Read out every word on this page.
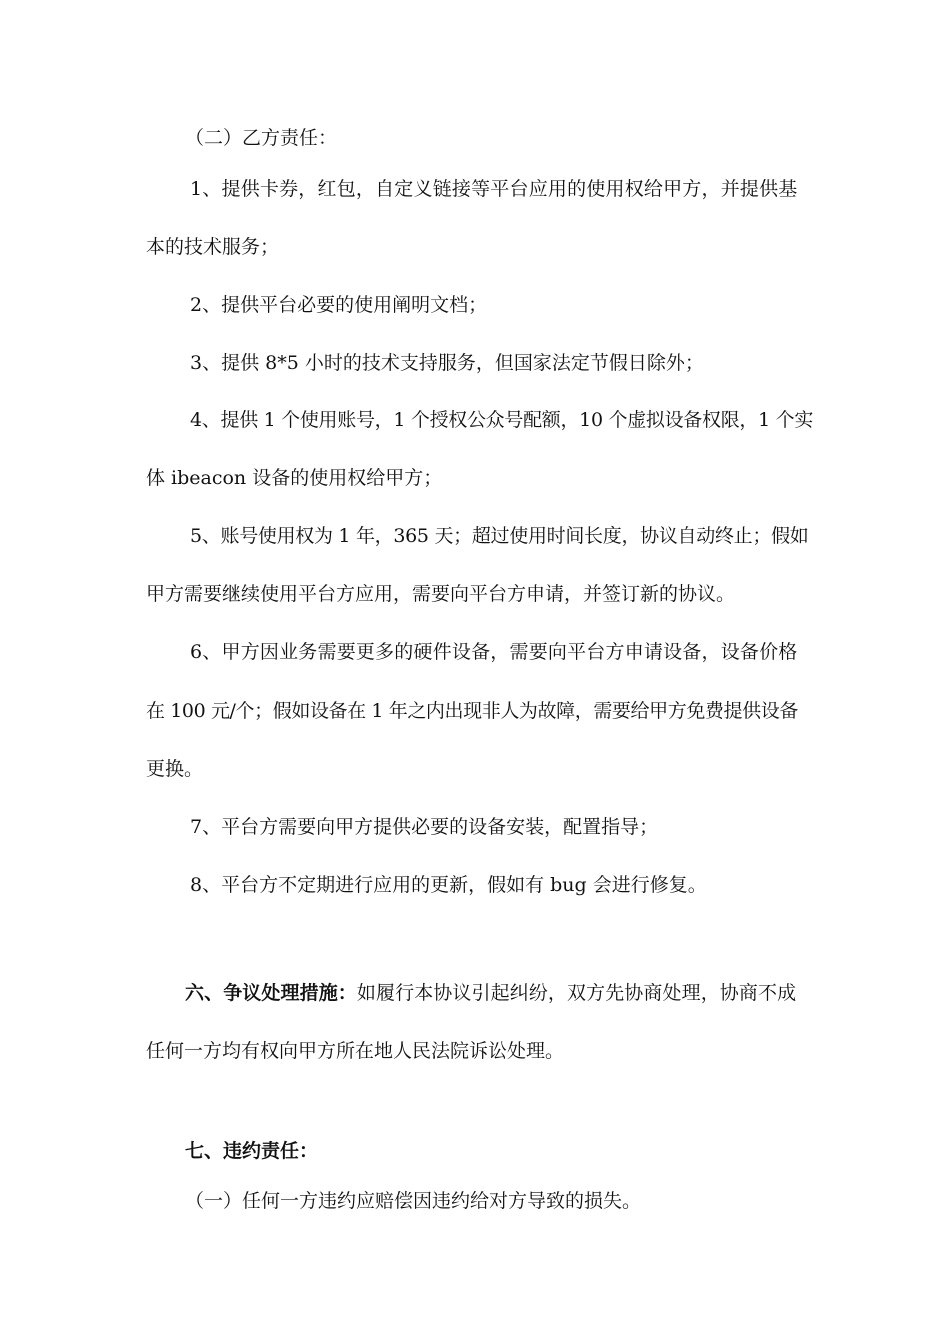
（二）乙方责任：
1、提供卡券，红包，自定义链接等平台应用的使用权给甲方，并提供基
本的技术服务；
2、提供平台必要的使用阐明文档；
3、提供 8*5 小时的技术支持服务，但国家法定节假日除外；
4、提供 1 个使用账号，1 个授权公众号配额，10 个虚拟设备权限，1 个实
体 ibeacon 设备的使用权给甲方；
5、账号使用权为 1 年，365 天；超过使用时间长度，协议自动终止；假如
甲方需要继续使用平台方应用，需要向平台方申请，并签订新的协议。
6、甲方因业务需要更多的硬件设备，需要向平台方申请设备，设备价格
在 100 元/个；假如设备在 1 年之内出现非人为故障，需要给甲方免费提供设备
更换。
7、平台方需要向甲方提供必要的设备安装，配置指导；
8、平台方不定期进行应用的更新，假如有 bug 会进行修复。
六、争议处理措施：如履行本协议引起纠纷，双方先协商处理，协商不成
任何一方均有权向甲方所在地人民法院诉讼处理。
七、违约责任：
（一）任何一方违约应赔偿因违约给对方导致的损失。
